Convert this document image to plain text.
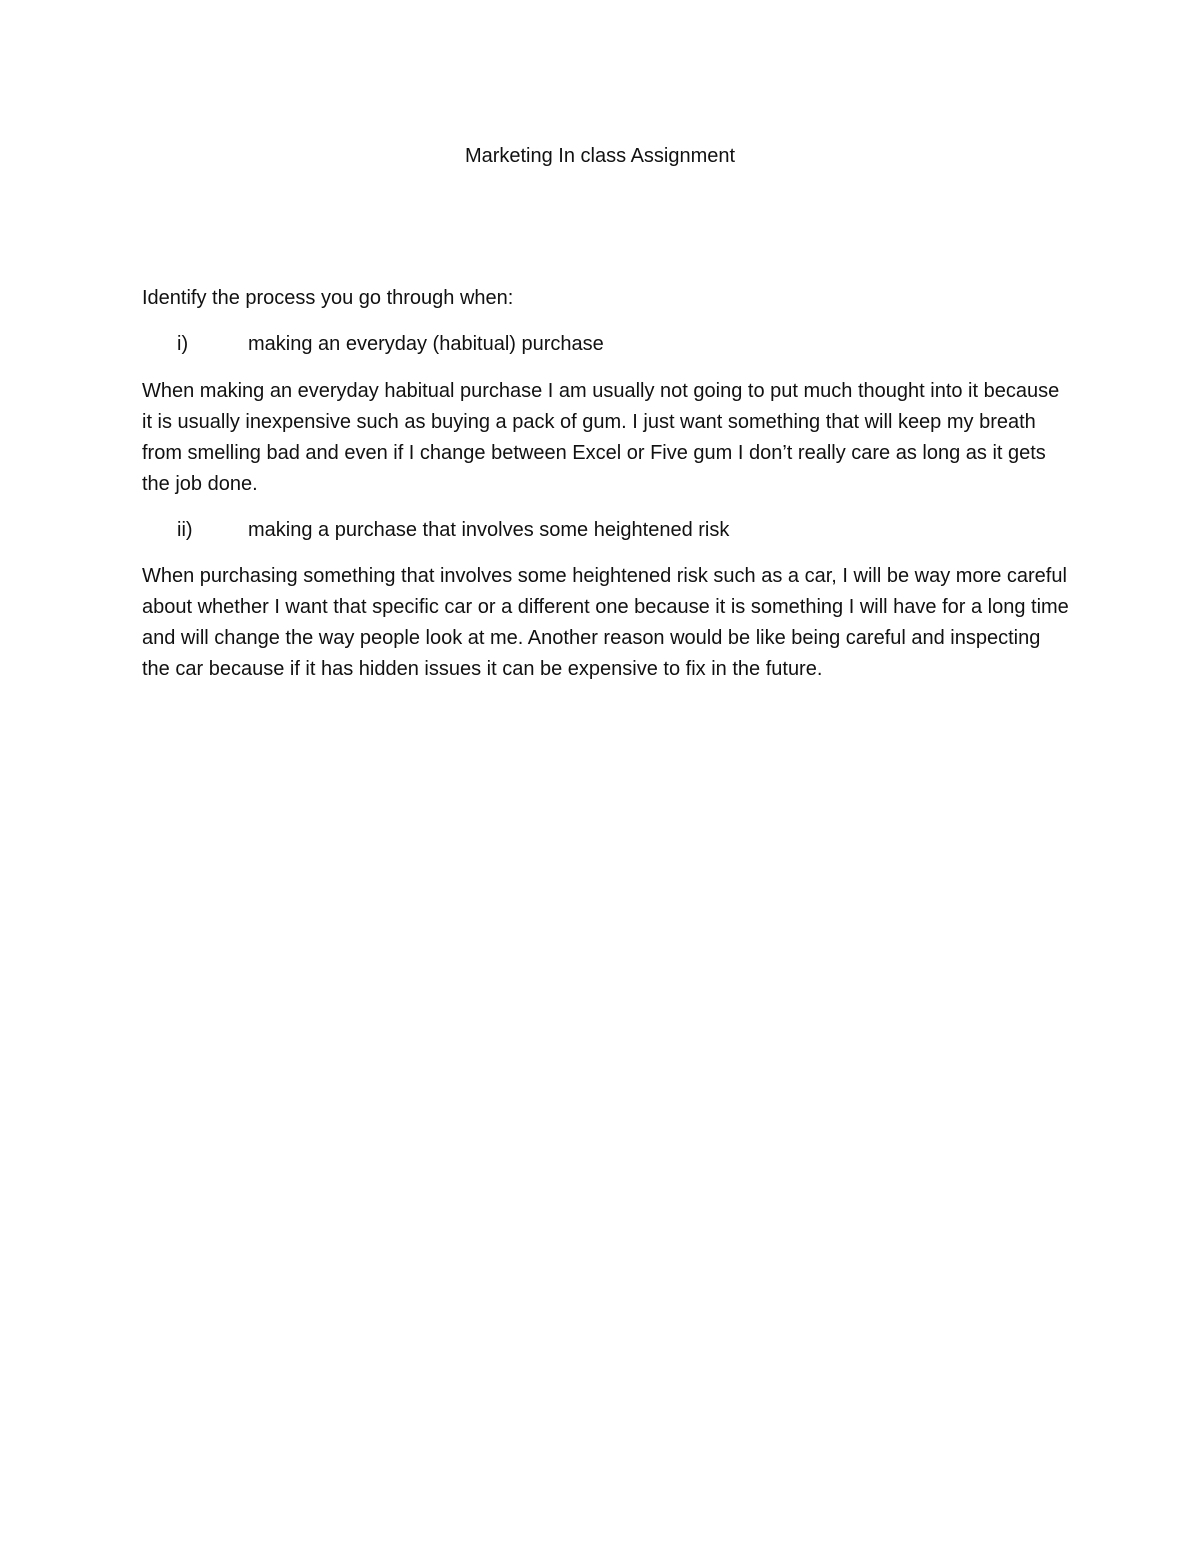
Marketing In class Assignment
Identify the process you go through when:
i)	making an everyday (habitual) purchase
When making an everyday habitual purchase I am usually not going to put much thought into it because it is usually inexpensive such as buying a pack of gum. I just want something that will keep my breath from smelling bad and even if I change between Excel or Five gum I don’t really care as long as it gets the job done.
ii)	making a purchase that involves some heightened risk
When purchasing something that involves some heightened risk such as a car, I will be way more careful about whether I want that specific car or a different one because it is something I will have for a long time and will change the way people look at me. Another reason would be like being careful and inspecting the car because if it has hidden issues it can be expensive to fix in the future.
